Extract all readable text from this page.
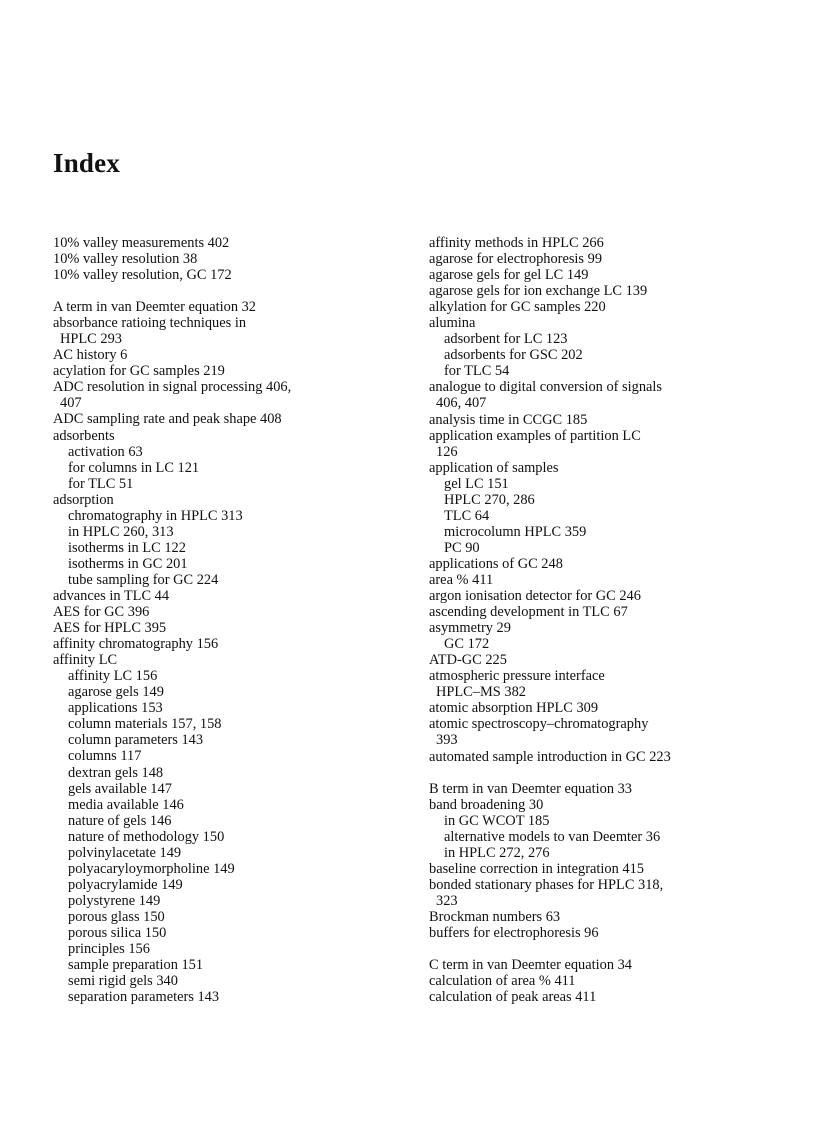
Index
10% valley measurements 402
10% valley resolution 38
10% valley resolution, GC 172
A term in van Deemter equation 32
absorbance ratioing techniques in
HPLC 293
AC history 6
acylation for GC samples 219
ADC resolution in signal processing 406,
407
ADC sampling rate and peak shape 408
adsorbents
activation 63
for columns in LC 121
for TLC 51
adsorption
chromatography in HPLC 313
in HPLC 260, 313
isotherms in LC 122
isotherms in GC 201
tube sampling for GC 224
advances in TLC 44
AES for GC 396
AES for HPLC 395
affinity chromatography 156
affinity LC
affinity LC 156
agarose gels 149
applications 153
column materials 157, 158
column parameters 143
columns 117
dextran gels 148
gels available 147
media available 146
nature of gels 146
nature of methodology 150
polvinylacetate 149
polyacaryloymorpholine 149
polyacrylamide 149
polystyrene 149
porous glass 150
porous silica 150
principles 156
sample preparation 151
semi rigid gels 340
separation parameters 143
affinity methods in HPLC 266
agarose for electrophoresis 99
agarose gels for gel LC 149
agarose gels for ion exchange LC 139
alkylation for GC samples 220
alumina
adsorbent for LC 123
adsorbents for GSC 202
for TLC 54
analogue to digital conversion of signals
406, 407
analysis time in CCGC 185
application examples of partition LC
126
application of samples
gel LC 151
HPLC 270, 286
TLC 64
microcolumn HPLC 359
PC 90
applications of GC 248
area % 411
argon ionisation detector for GC 246
ascending development in TLC 67
asymmetry 29
GC 172
ATD-GC 225
atmospheric pressure interface
HPLC–MS 382
atomic absorption HPLC 309
atomic spectroscopy–chromatography
393
automated sample introduction in GC 223
B term in van Deemter equation 33
band broadening 30
in GC WCOT 185
alternative models to van Deemter 36
in HPLC 272, 276
baseline correction in integration 415
bonded stationary phases for HPLC 318,
323
Brockman numbers 63
buffers for electrophoresis 96
C term in van Deemter equation 34
calculation of area % 411
calculation of peak areas 411
